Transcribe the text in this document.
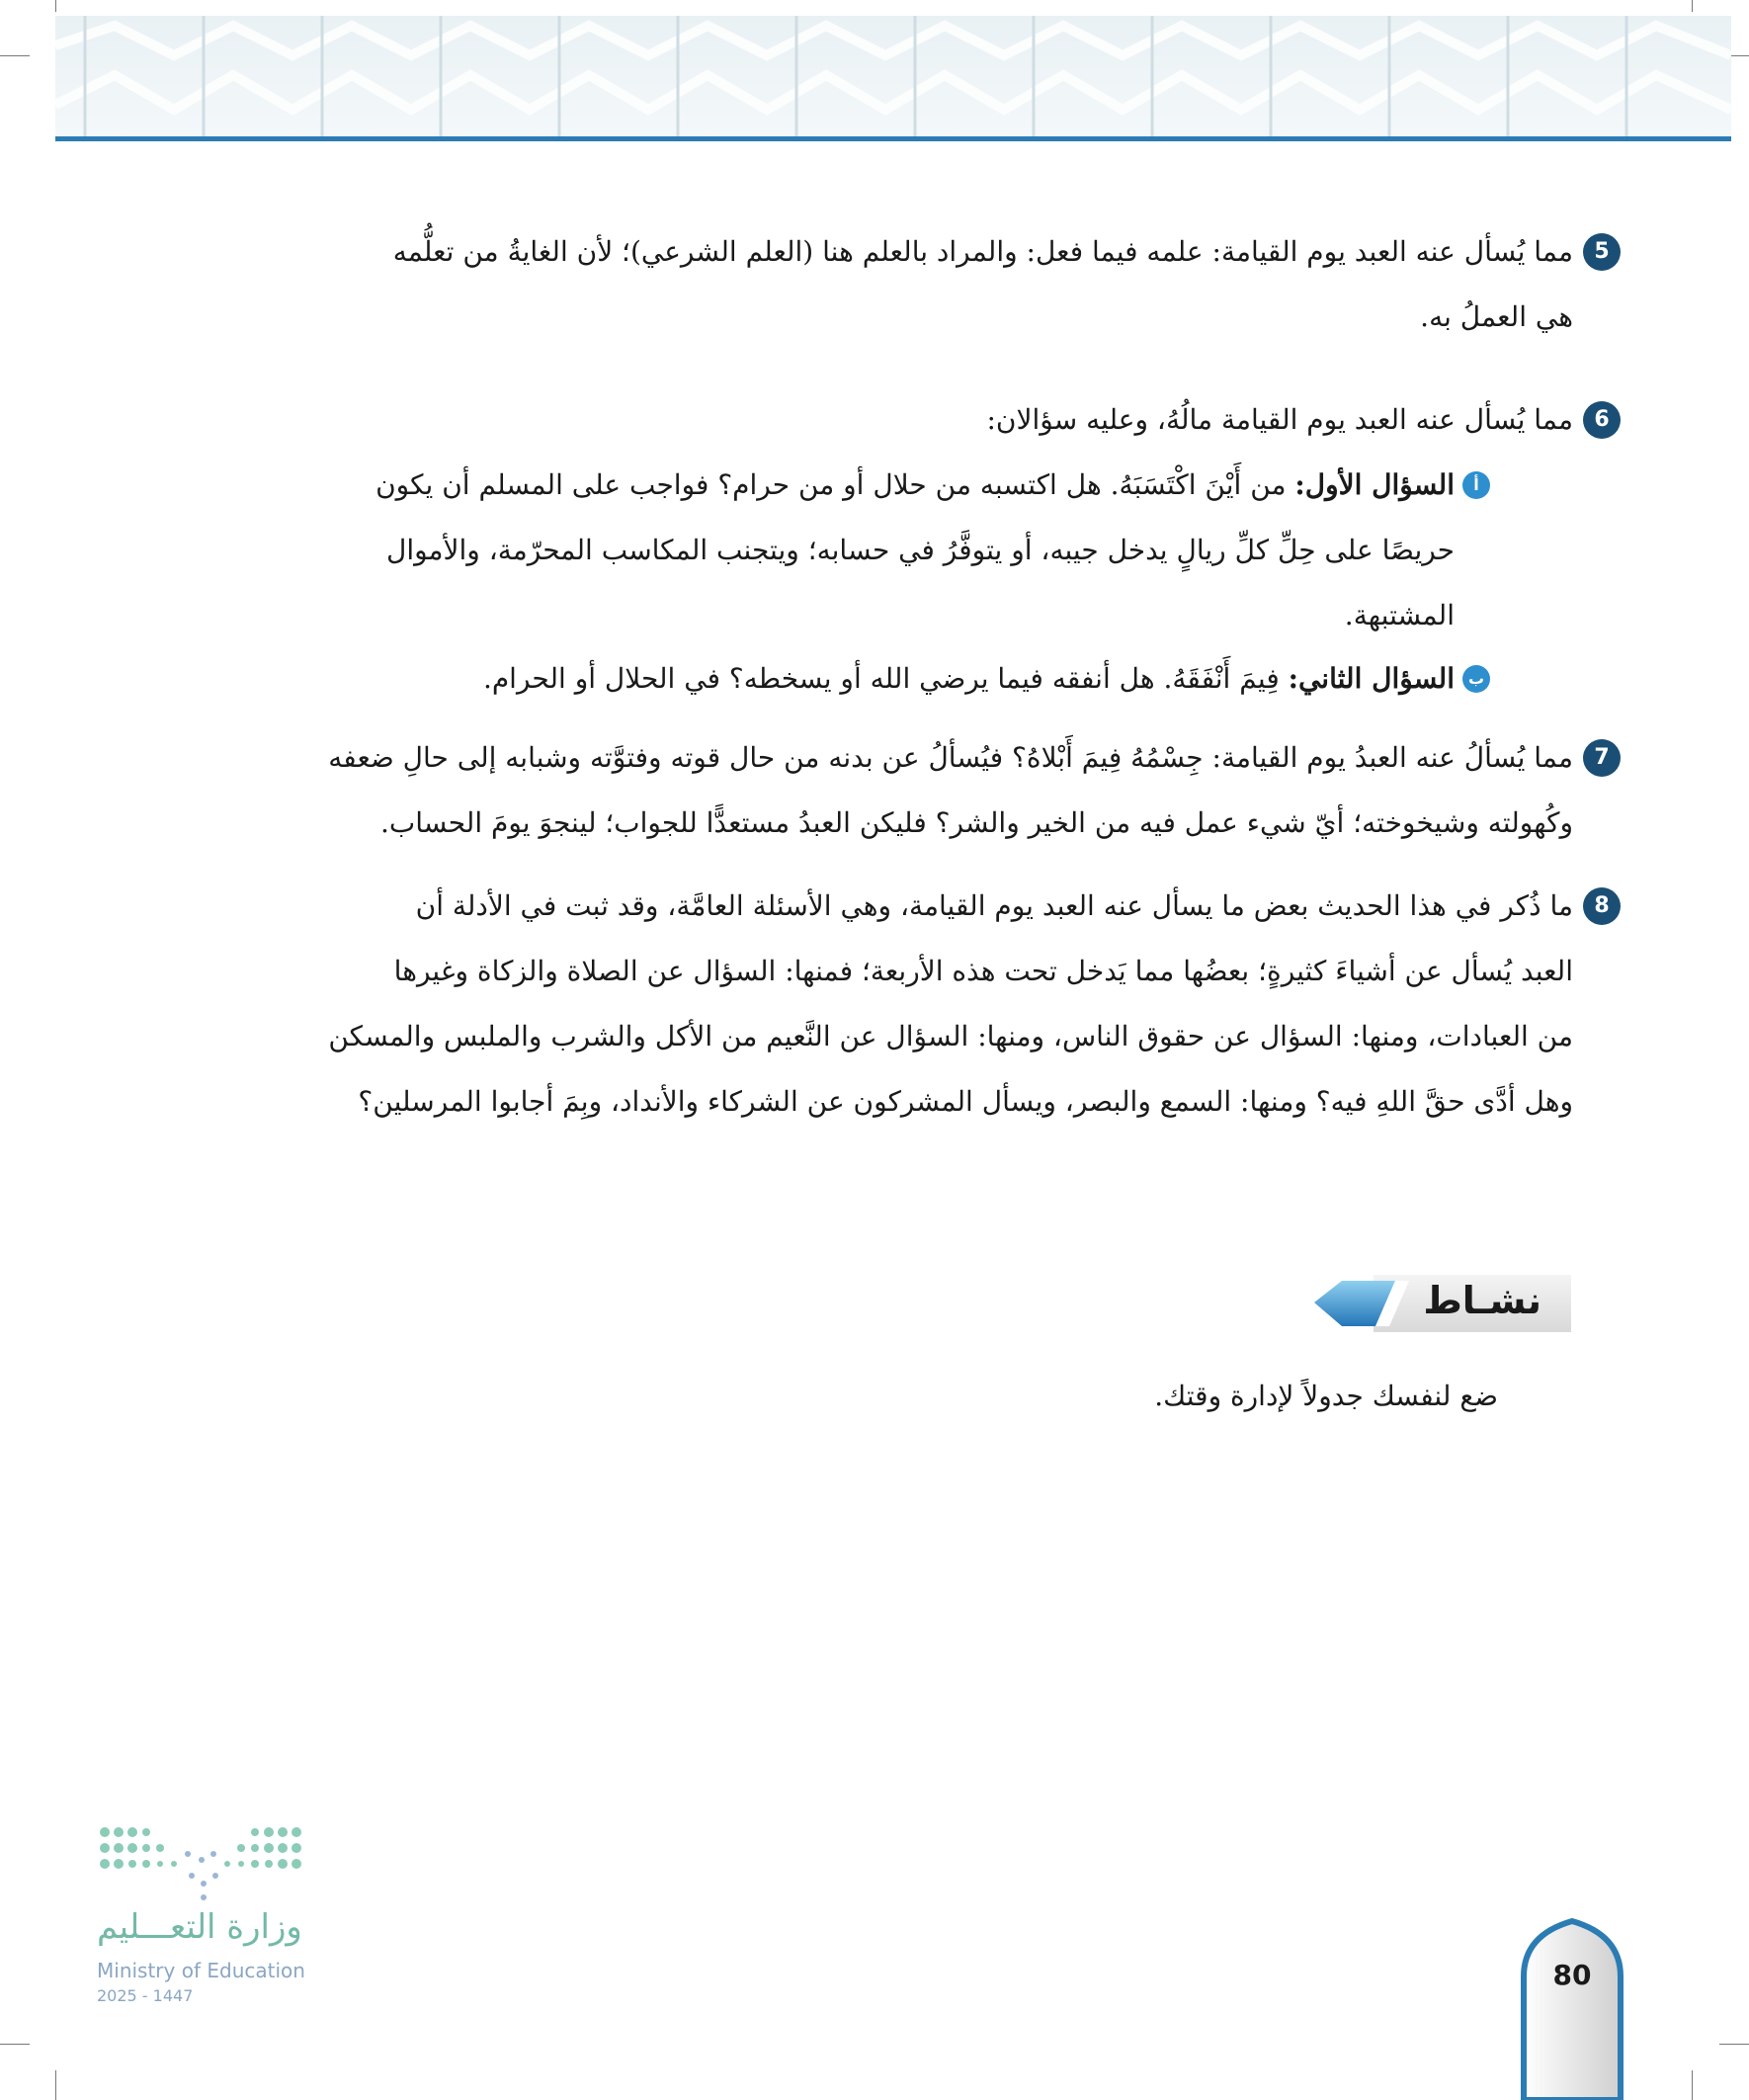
5
مما يُسأل عنه العبد يوم القيامة: علمه فيما فعل: والمراد بالعلم هنا (العلم الشرعي)؛ لأن الغايةُ من تعلُّمه
هي العملُ به.
6
مما يُسأل عنه العبد يوم القيامة مالُهُ، وعليه سؤالان:
أ
السؤال الأول: من أَيْنَ اكْتَسَبَهُ. هل اكتسبه من حلال أو من حرام؟ فواجب على المسلم أن يكون
حريصًا على حِلِّ كلِّ ريالٍ يدخل جيبه، أو يتوفَّرُ في حسابه؛ ويتجنب المكاسب المحرّمة، والأموال
المشتبهة.
ب
السؤال الثاني: فِيمَ أَنْفَقَهُ. هل أنفقه فيما يرضي الله أو يسخطه؟ في الحلال أو الحرام.
7
مما يُسألُ عنه العبدُ يوم القيامة: جِسْمُهُ فِيمَ أَبْلاهُ؟ فيُسألُ عن بدنه من حال قوته وفتوَّته وشبابه إلى حالِ ضعفه
وكُهولته وشيخوخته؛ أيّ شيء عمل فيه من الخير والشر؟ فليكن العبدُ مستعدًّا للجواب؛ لينجوَ يومَ الحساب.
8
ما ذُكر في هذا الحديث بعض ما يسأل عنه العبد يوم القيامة، وهي الأسئلة العامَّة، وقد ثبت في الأدلة أن
العبد يُسأل عن أشياءَ كثيرةٍ؛ بعضُها مما يَدخل تحت هذه الأربعة؛ فمنها: السؤال عن الصلاة والزكاة وغيرها
من العبادات، ومنها: السؤال عن حقوق الناس، ومنها: السؤال عن النَّعيم من الأكل والشرب والملبس والمسكن
وهل أدَّى حقَّ اللهِ فيه؟ ومنها: السمع والبصر، ويسأل المشركون عن الشركاء والأنداد، وبِمَ أجابوا المرسلين؟
نشـاط
ضع لنفسك جدولاً لإدارة وقتك.
وزارة التعـــليم
Ministry of Education
2025 - 1447
80
